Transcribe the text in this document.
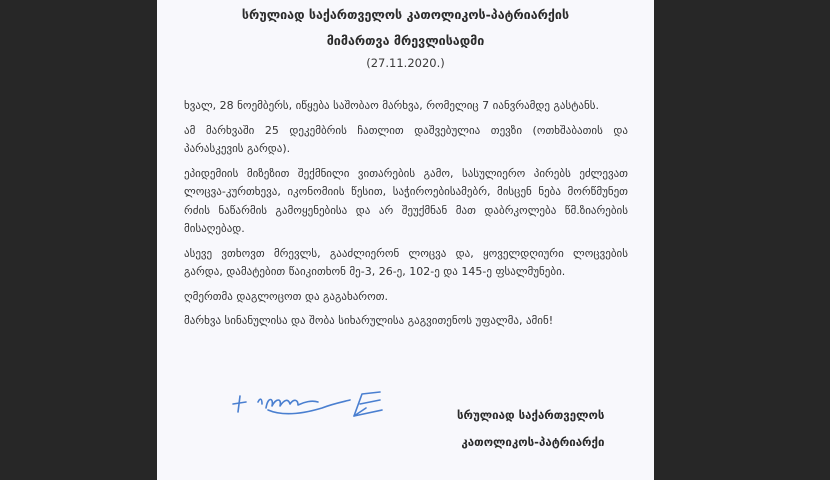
სრულიად საქართველოს კათოლიკოს-პატრიარქის
მიმართვა მრევლისადმი
(27.11.2020.)

ხვალ, 28 ნოემბერს, იწყება საშობაო მარხვა, რომელიც 7 იანვრამდე გასტანს.

ამ მარხვაში 25 დეკემბრის ჩათლით დაშვებულია თევზი (ოთხშაბათის და პარასკევის გარდა).

ეპიდემიის მიზეზით შექმნილი ვითარების გამო, სასულიერო პირებს ეძლევათ ლოცვა-კურთხევა, იკონომიის წესით, საჭიროებისამებრ, მისცენ ნება მორწმუნეთ რძის ნაწარმის გამოყენებისა და არ შეუქმნან მათ დაბრკოლება წმ.ზიარების მისაღებად.

ასევე ვთხოვთ მრევლს, გააძლიერონ ლოცვა და, ყოველდღიური ლოცვების გარდა, დამატებით წაიკითხონ მე-3, 26-ე, 102-ე და 145-ე ფსალმუნები.

ღმერთმა დაგლოცოთ და გაგახაროთ.

მარხვა სინანულისა და შობა სიხარულისა გაგვითენოს უფალმა, ამინ!

სრულიად საქართველოს
კათოლიკოს-პატრიარქი
